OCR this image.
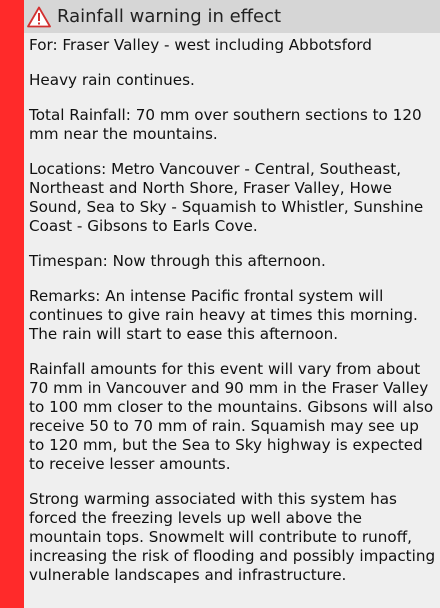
Rainfall warning in effect

For: Fraser Valley - west including Abbotsford

Heavy rain continues.

Total Rainfall: 70 mm over southern sections to 120 mm near the mountains.

Locations: Metro Vancouver - Central, Southeast, Northeast and North Shore, Fraser Valley, Howe Sound, Sea to Sky - Squamish to Whistler, Sunshine Coast - Gibsons to Earls Cove.

Timespan: Now through this afternoon.

Remarks: An intense Pacific frontal system will continues to give rain heavy at times this morning. The rain will start to ease this afternoon.

Rainfall amounts for this event will vary from about 70 mm in Vancouver and 90 mm in the Fraser Valley to 100 mm closer to the mountains. Gibsons will also receive 50 to 70 mm of rain. Squamish may see up to 120 mm, but the Sea to Sky highway is expected to receive lesser amounts.

Strong warming associated with this system has forced the freezing levels up well above the mountain tops. Snowmelt will contribute to runoff, increasing the risk of flooding and possibly impacting vulnerable landscapes and infrastructure.
